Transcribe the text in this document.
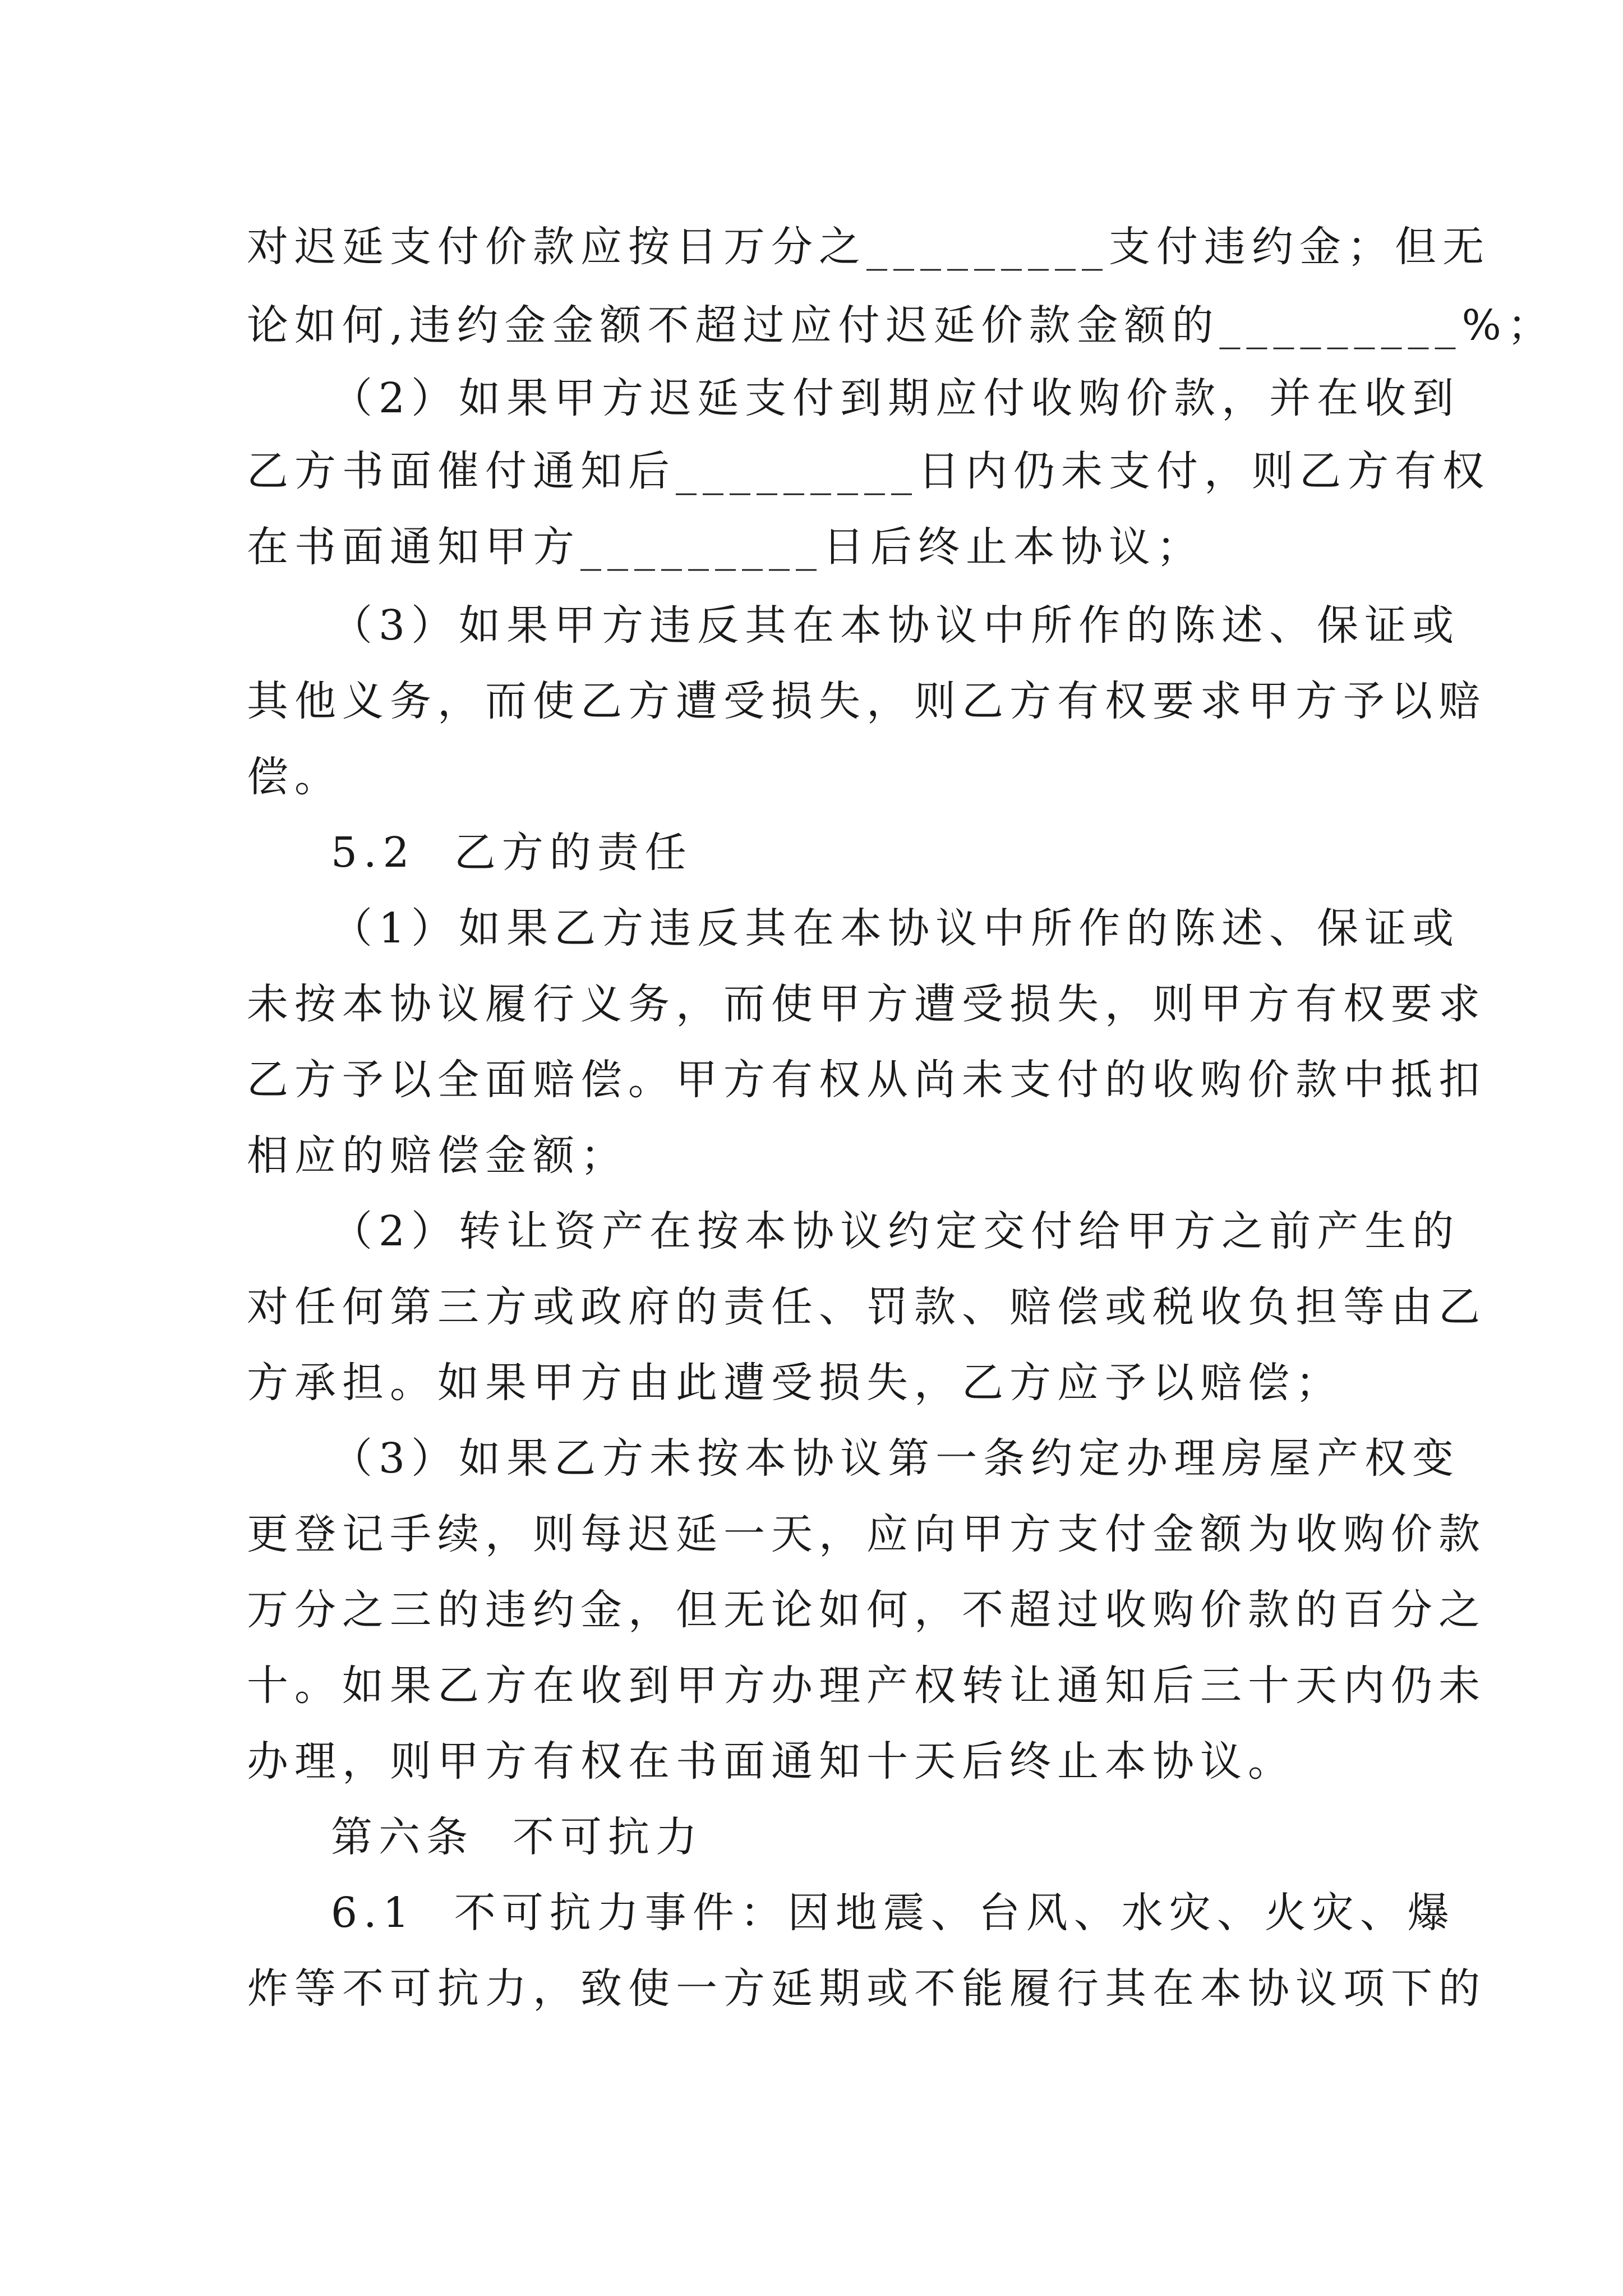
对迟延支付价款应按日万分之_________支付违约金；但无
论如何,违约金金额不超过应付迟延价款金额的_________%；
（2）如果甲方迟延支付到期应付收购价款，并在收到
乙方书面催付通知后_________日内仍未支付，则乙方有权
在书面通知甲方_________日后终止本协议；
（3）如果甲方违反其在本协议中所作的陈述、保证或
其他义务，而使乙方遭受损失，则乙方有权要求甲方予以赔
偿。
5.2  乙方的责任
（1）如果乙方违反其在本协议中所作的陈述、保证或
未按本协议履行义务，而使甲方遭受损失，则甲方有权要求
乙方予以全面赔偿。甲方有权从尚未支付的收购价款中抵扣
相应的赔偿金额；
（2）转让资产在按本协议约定交付给甲方之前产生的
对任何第三方或政府的责任、罚款、赔偿或税收负担等由乙
方承担。如果甲方由此遭受损失，乙方应予以赔偿；
（3）如果乙方未按本协议第一条约定办理房屋产权变
更登记手续，则每迟延一天，应向甲方支付金额为收购价款
万分之三的违约金，但无论如何，不超过收购价款的百分之
十。如果乙方在收到甲方办理产权转让通知后三十天内仍未
办理，则甲方有权在书面通知十天后终止本协议。
第六条  不可抗力
6.1  不可抗力事件：因地震、台风、水灾、火灾、爆
炸等不可抗力，致使一方延期或不能履行其在本协议项下的
